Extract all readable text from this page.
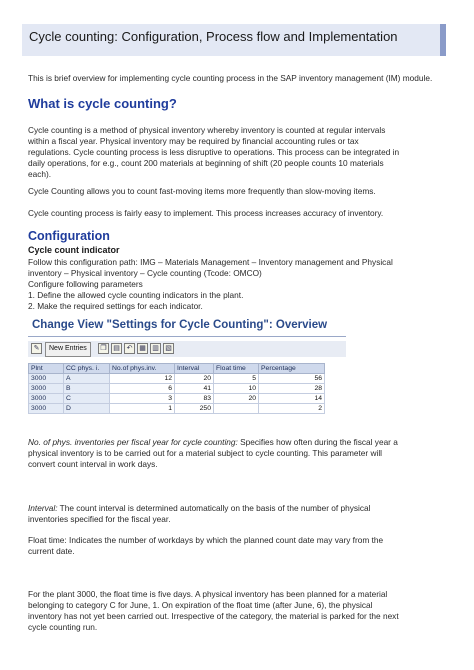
Cycle counting: Configuration, Process flow and Implementation
This is brief overview for implementing cycle counting process in the SAP inventory management (IM) module.
What is cycle counting?
Cycle counting is a method of physical inventory whereby inventory is counted at regular intervals
within a fiscal year. Physical inventory may be required by financial accounting rules or tax
regulations. Cycle counting process is less disruptive to operations. This process can be integrated in
daily operations, for e.g., count 200 materials at beginning of shift (20 people counts 10 materials
each).
Cycle Counting allows you to count fast-moving items more frequently than slow-moving items.
Cycle counting process is fairly easy to implement. This process increases accuracy of inventory.
Configuration
Cycle count indicator
Follow this configuration path: IMG – Materials Management – Inventory management and Physical
inventory – Physical inventory – Cycle counting (Tcode: OMCO)
Configure following parameters
1. Define the allowed cycle counting indicators in the plant.
2. Make the required settings for each indicator.
Change View "Settings for Cycle Counting": Overview
✎	New Entries	❐ ▤ ↶ ▦ ▥ ▧
Plnt	CC phys. i.	No.of phys.inv.	Interval	Float time	Percentage
3000	A	12	20	5	56
3000	B	6	41	10	28
3000	C	3	83	20	14
3000	D	1	250		2
No. of phys. inventories per fiscal year for cycle counting: Specifies how often during the fiscal year a
physical inventory is to be carried out for a material subject to cycle counting. This parameter will
convert count interval in work days.
Interval: The count interval is determined automatically on the basis of the number of physical
inventories specified for the fiscal year.
Float time: Indicates the number of workdays by which the planned count date may vary from the
current date.
For the plant 3000, the float time is five days. A physical inventory has been planned for a material
belonging to category C for June, 1. On expiration of the float time (after June, 6), the physical
inventory has not yet been carried out. Irrespective of the category, the material is parked for the next
cycle counting run.
